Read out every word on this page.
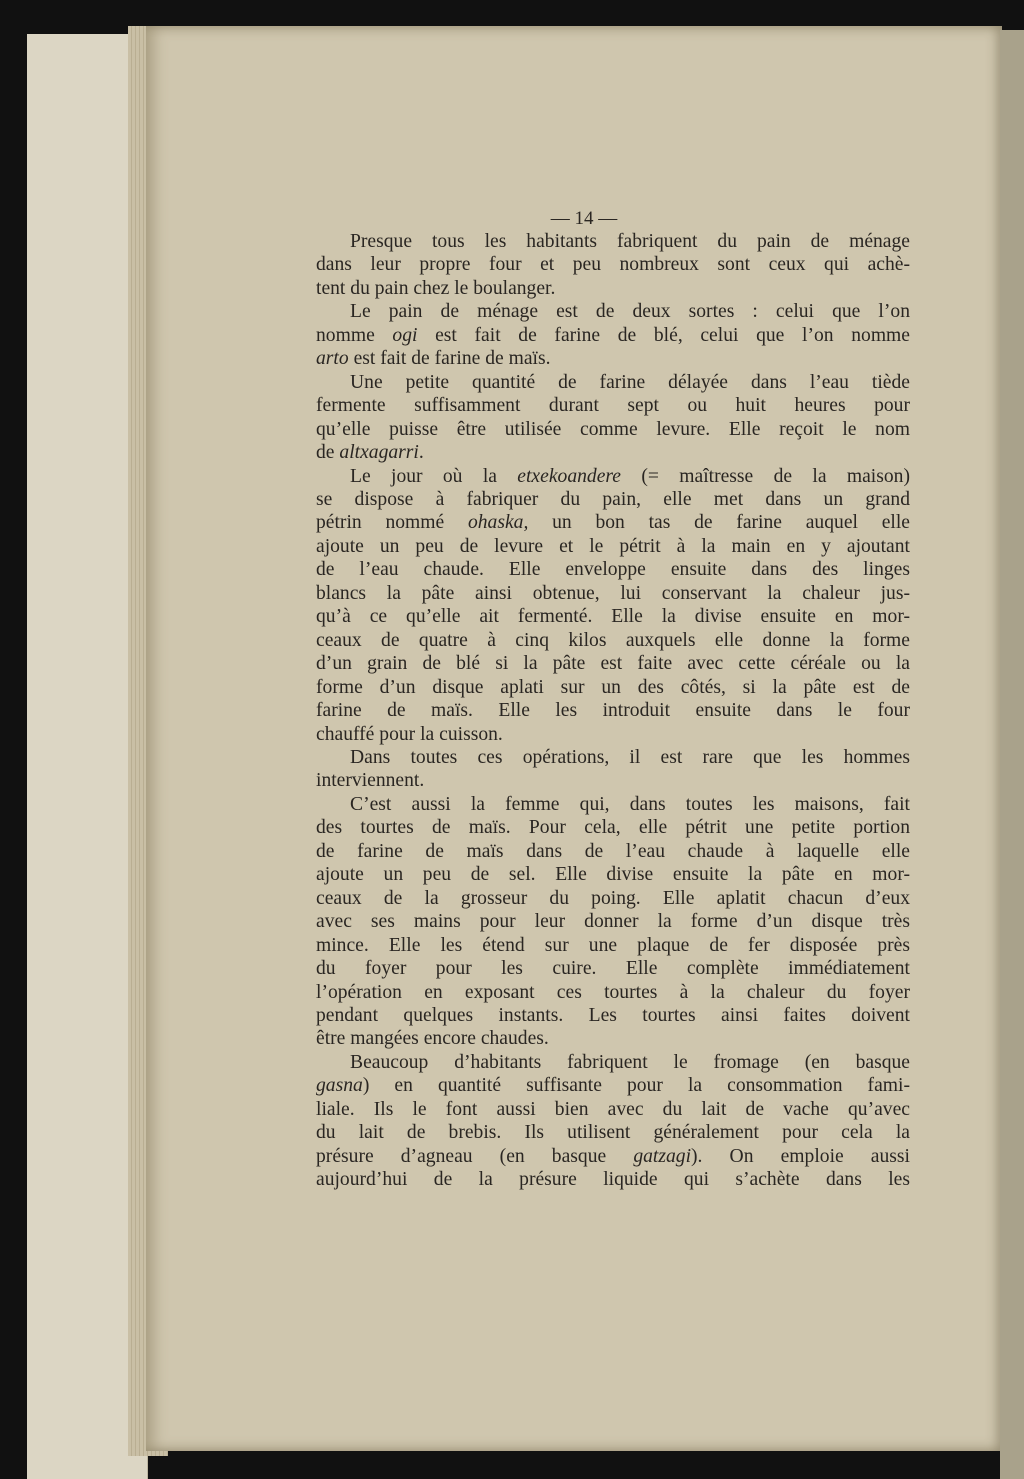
— 14 —
Presque tous les habitants fabriquent du pain de ménage
dans leur propre four et peu nombreux sont ceux qui achè-
tent du pain chez le boulanger.
Le pain de ménage est de deux sortes : celui que l’on
nomme ogi est fait de farine de blé, celui que l’on nomme
arto est fait de farine de maïs.
Une petite quantité de farine délayée dans l’eau tiède
fermente suffisamment durant sept ou huit heures pour
qu’elle puisse être utilisée comme levure. Elle reçoit le nom
de altxagarri.
Le jour où la etxekoandere (= maîtresse de la maison)
se dispose à fabriquer du pain, elle met dans un grand
pétrin nommé ohaska, un bon tas de farine auquel elle
ajoute un peu de levure et le pétrit à la main en y ajoutant
de l’eau chaude. Elle enveloppe ensuite dans des linges
blancs la pâte ainsi obtenue, lui conservant la chaleur jus-
qu’à ce qu’elle ait fermenté. Elle la divise ensuite en mor-
ceaux de quatre à cinq kilos auxquels elle donne la forme
d’un grain de blé si la pâte est faite avec cette céréale ou la
forme d’un disque aplati sur un des côtés, si la pâte est de
farine de maïs. Elle les introduit ensuite dans le four
chauffé pour la cuisson.
Dans toutes ces opérations, il est rare que les hommes
interviennent.
C’est aussi la femme qui, dans toutes les maisons, fait
des tourtes de maïs. Pour cela, elle pétrit une petite portion
de farine de maïs dans de l’eau chaude à laquelle elle
ajoute un peu de sel. Elle divise ensuite la pâte en mor-
ceaux de la grosseur du poing. Elle aplatit chacun d’eux
avec ses mains pour leur donner la forme d’un disque très
mince. Elle les étend sur une plaque de fer disposée près
du foyer pour les cuire. Elle complète immédiatement
l’opération en exposant ces tourtes à la chaleur du foyer
pendant quelques instants. Les tourtes ainsi faites doivent
être mangées encore chaudes.
Beaucoup d’habitants fabriquent le fromage (en basque
gasna) en quantité suffisante pour la consommation fami-
liale. Ils le font aussi bien avec du lait de vache qu’avec
du lait de brebis. Ils utilisent généralement pour cela la
présure d’agneau (en basque gatzagi). On emploie aussi
aujourd’hui de la présure liquide qui s’achète dans les
